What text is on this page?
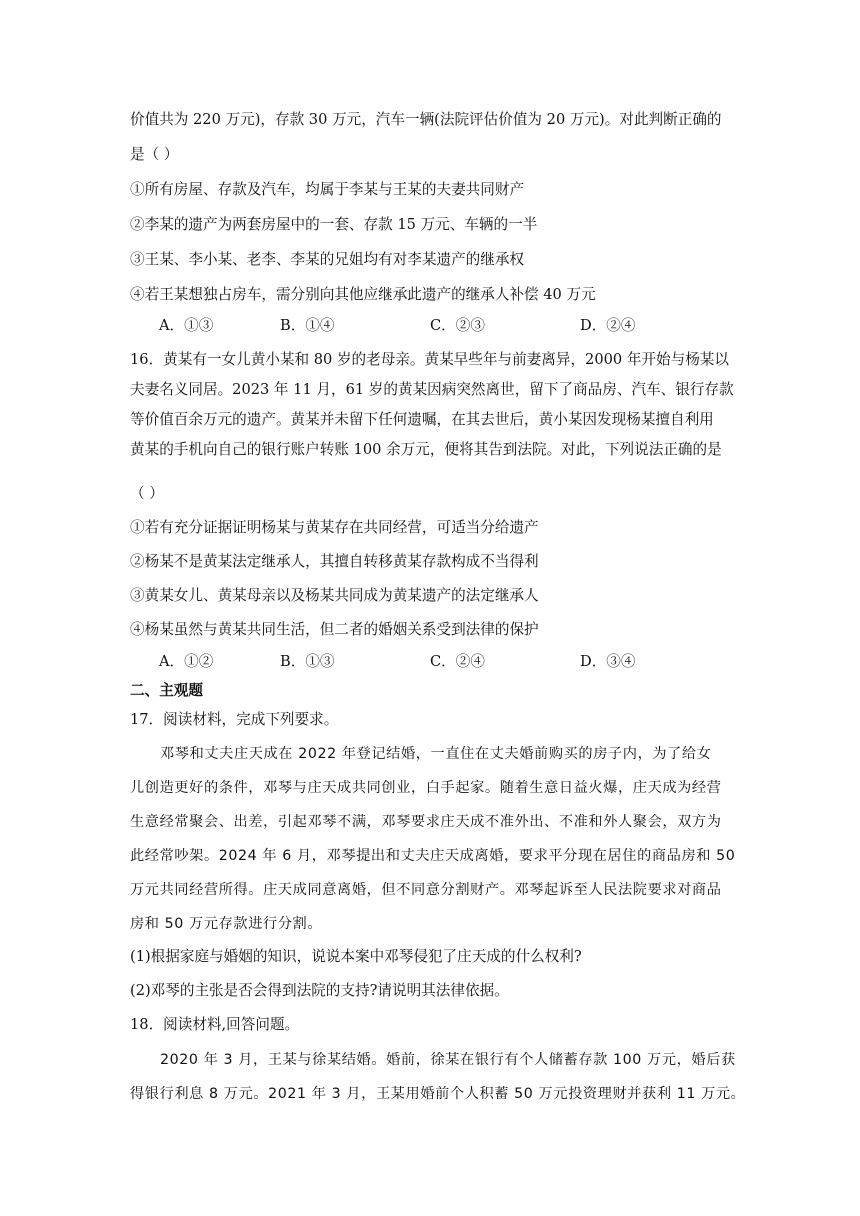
价值共为 220 万元)，存款 30 万元，汽车一辆(法院评估价值为 20 万元)。对此判断正确的
是（ ）
①所有房屋、存款及汽车，均属于李某与王某的夫妻共同财产
②李某的遗产为两套房屋中的一套、存款 15 万元、车辆的一半
③王某、李小某、老李、李某的兄姐均有对李某遗产的继承权
④若王某想独占房车，需分别向其他应继承此遗产的继承人补偿 40 万元
A．①③	B．①④	C．②③	D．②④
16．黄某有一女儿黄小某和 80 岁的老母亲。黄某早些年与前妻离异，2000 年开始与杨某以
夫妻名义同居。2023 年 11 月，61 岁的黄某因病突然离世，留下了商品房、汽车、银行存款
等价值百余万元的遗产。黄某并未留下任何遗嘱，在其去世后，黄小某因发现杨某擅自利用
黄某的手机向自己的银行账户转账 100 余万元，便将其告到法院。对此，下列说法正确的是
（ ）
①若有充分证据证明杨某与黄某存在共同经营，可适当分给遗产
②杨某不是黄某法定继承人，其擅自转移黄某存款构成不当得利
③黄某女儿、黄某母亲以及杨某共同成为黄某遗产的法定继承人
④杨某虽然与黄某共同生活，但二者的婚姻关系受到法律的保护
A．①②	B．①③	C．②④	D．③④
二、主观题
17．阅读材料，完成下列要求。
邓琴和丈夫庄天成在 2022 年登记结婚，一直住在丈夫婚前购买的房子内，为了给女
儿创造更好的条件，邓琴与庄天成共同创业，白手起家。随着生意日益火爆，庄天成为经营
生意经常聚会、出差，引起邓琴不满，邓琴要求庄天成不准外出、不准和外人聚会，双方为
此经常吵架。2024 年 6 月，邓琴提出和丈夫庄天成离婚，要求平分现在居住的商品房和 50
万元共同经营所得。庄天成同意离婚，但不同意分割财产。邓琴起诉至人民法院要求对商品
房和 50 万元存款进行分割。
(1)根据家庭与婚姻的知识，说说本案中邓琴侵犯了庄天成的什么权利?
(2)邓琴的主张是否会得到法院的支持?请说明其法律依据。
18．阅读材料,回答问题。
2020 年 3 月，王某与徐某结婚。婚前，徐某在银行有个人储蓄存款 100 万元，婚后获
得银行利息 8 万元。2021 年 3 月，王某用婚前个人积蓄 50 万元投资理财并获利 11 万元。
